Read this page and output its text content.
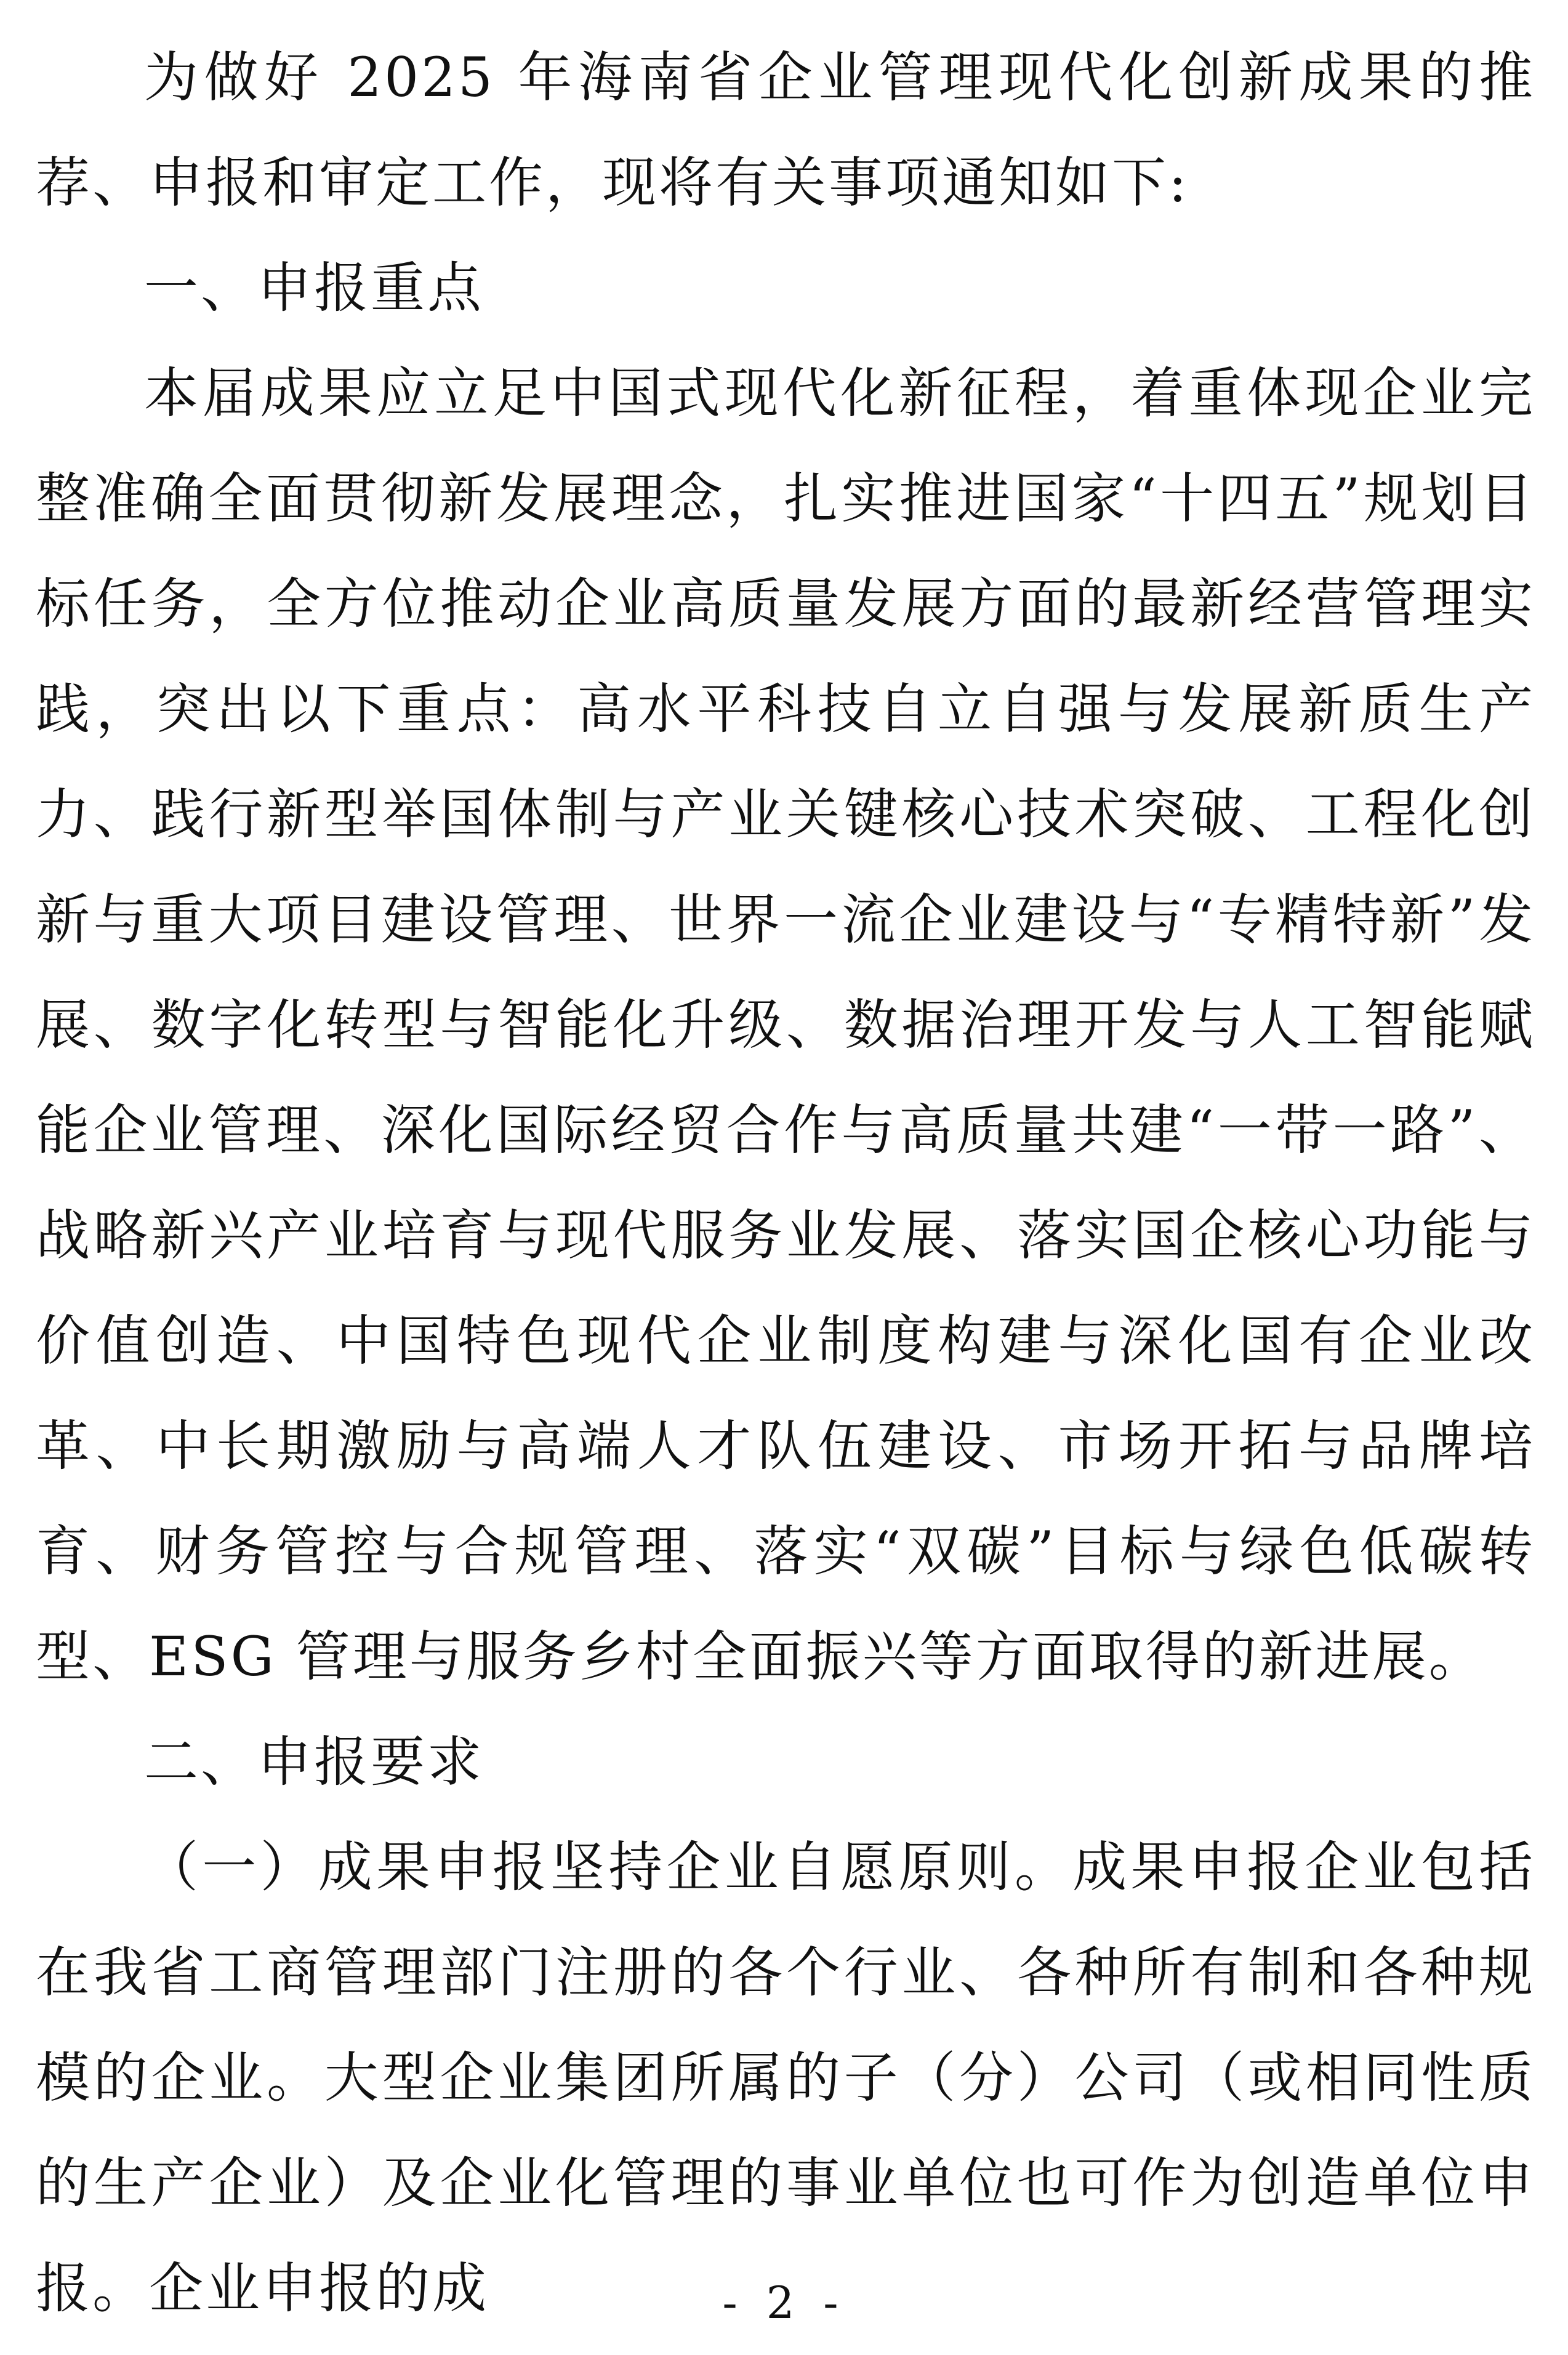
为做好 2025 年海南省企业管理现代化创新成果的推荐、申报和审定工作，现将有关事项通知如下:

一、申报重点

本届成果应立足中国式现代化新征程，着重体现企业完整准确全面贯彻新发展理念，扎实推进国家“十四五”规划目标任务，全方位推动企业高质量发展方面的最新经营管理实践，突出以下重点：高水平科技自立自强与发展新质生产力、践行新型举国体制与产业关键核心技术突破、工程化创新与重大项目建设管理、世界一流企业建设与“专精特新”发展、数字化转型与智能化升级、数据治理开发与人工智能赋能企业管理、深化国际经贸合作与高质量共建“一带一路”、战略新兴产业培育与现代服务业发展、落实国企核心功能与价值创造、中国特色现代企业制度构建与深化国有企业改革、中长期激励与高端人才队伍建设、市场开拓与品牌培育、财务管控与合规管理、落实“双碳”目标与绿色低碳转型、ESG 管理与服务乡村全面振兴等方面取得的新进展。

二、申报要求

（一）成果申报坚持企业自愿原则。成果申报企业包括在我省工商管理部门注册的各个行业、各种所有制和各种规模的企业。大型企业集团所属的子（分）公司（或相同性质的生产企业）及企业化管理的事业单位也可作为创造单位申报。企业申报的成	- 2 -
